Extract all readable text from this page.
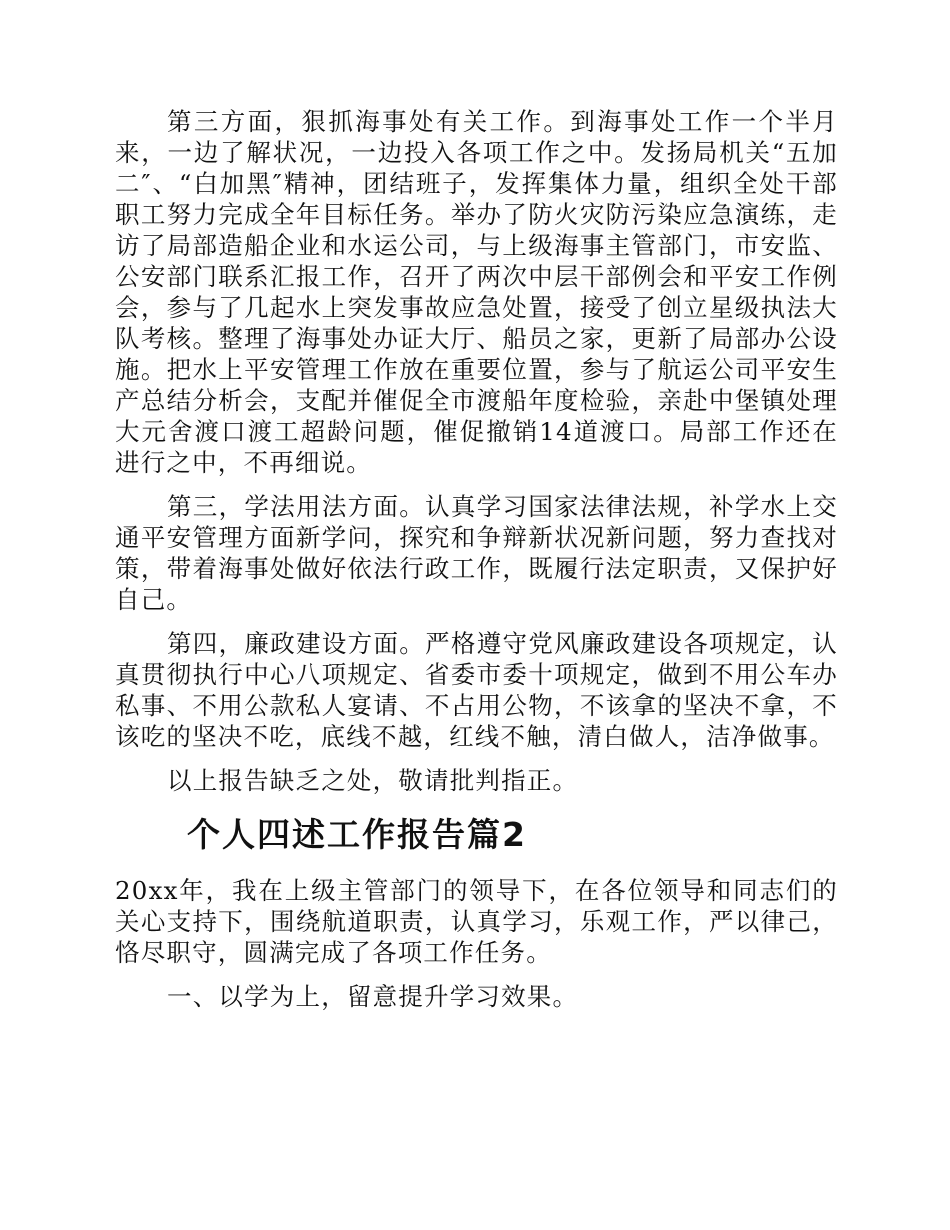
第三方面，狠抓海事处有关工作。到海事处工作一个半月来，一边了解状况，一边投入各项工作之中。发扬局机关“五加二″、“白加黑″精神，团结班子，发挥集体力量，组织全处干部职工努力完成全年目标任务。举办了防火灾防污染应急演练，走访了局部造船企业和水运公司，与上级海事主管部门，市安监、公安部门联系汇报工作，召开了两次中层干部例会和平安工作例会，参与了几起水上突发事故应急处置，接受了创立星级执法大队考核。整理了海事处办证大厅、船员之家，更新了局部办公设施。把水上平安管理工作放在重要位置，参与了航运公司平安生产总结分析会，支配并催促全市渡船年度检验，亲赴中堡镇处理大元舍渡口渡工超龄问题，催促撤销14道渡口。局部工作还在进行之中，不再细说。

第三，学法用法方面。认真学习国家法律法规，补学水上交通平安管理方面新学问，探究和争辩新状况新问题，努力查找对策，带着海事处做好依法行政工作，既履行法定职责，又保护好自己。

第四，廉政建设方面。严格遵守党风廉政建设各项规定，认真贯彻执行中心八项规定、省委市委十项规定，做到不用公车办私事、不用公款私人宴请、不占用公物，不该拿的坚决不拿，不该吃的坚决不吃，底线不越，红线不触，清白做人，洁净做事。

以上报告缺乏之处，敬请批判指正。

个人四述工作报告篇2

20xx年，我在上级主管部门的领导下，在各位领导和同志们的关心支持下，围绕航道职责，认真学习，乐观工作，严以律己，恪尽职守，圆满完成了各项工作任务。

一、以学为上，留意提升学习效果。
